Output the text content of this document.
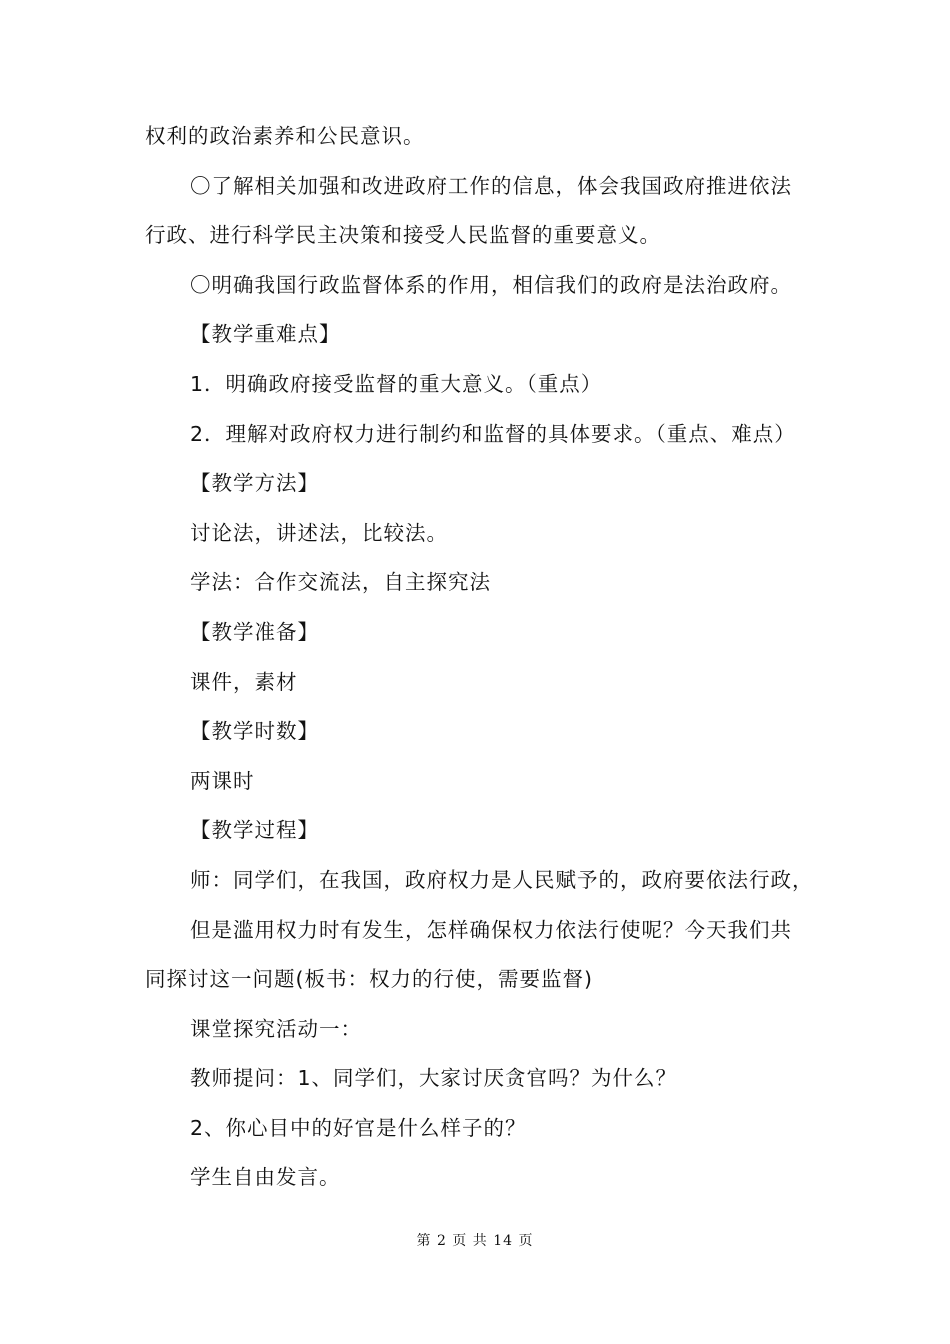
权利的政治素养和公民意识。

〇了解相关加强和改进政府工作的信息，体会我国政府推进依法

行政、进行科学民主决策和接受人民监督的重要意义。

〇明确我国行政监督体系的作用，相信我们的政府是法治政府。

【教学重难点】

1．明确政府接受监督的重大意义。（重点）

2．理解对政府权力进行制约和监督的具体要求。（重点、难点）

【教学方法】

讨论法，讲述法，比较法。

学法：合作交流法，自主探究法

【教学准备】

课件，素材

【教学时数】

两课时

【教学过程】

师：同学们，在我国，政府权力是人民赋予的，政府要依法行政，

但是滥用权力时有发生，怎样确保权力依法行使呢？今天我们共

同探讨这一问题(板书：权力的行使，需要监督)

课堂探究活动一：

教师提问：1、同学们，大家讨厌贪官吗？为什么？

2、你心目中的好官是什么样子的？

学生自由发言。

第 2 页 共 14 页
